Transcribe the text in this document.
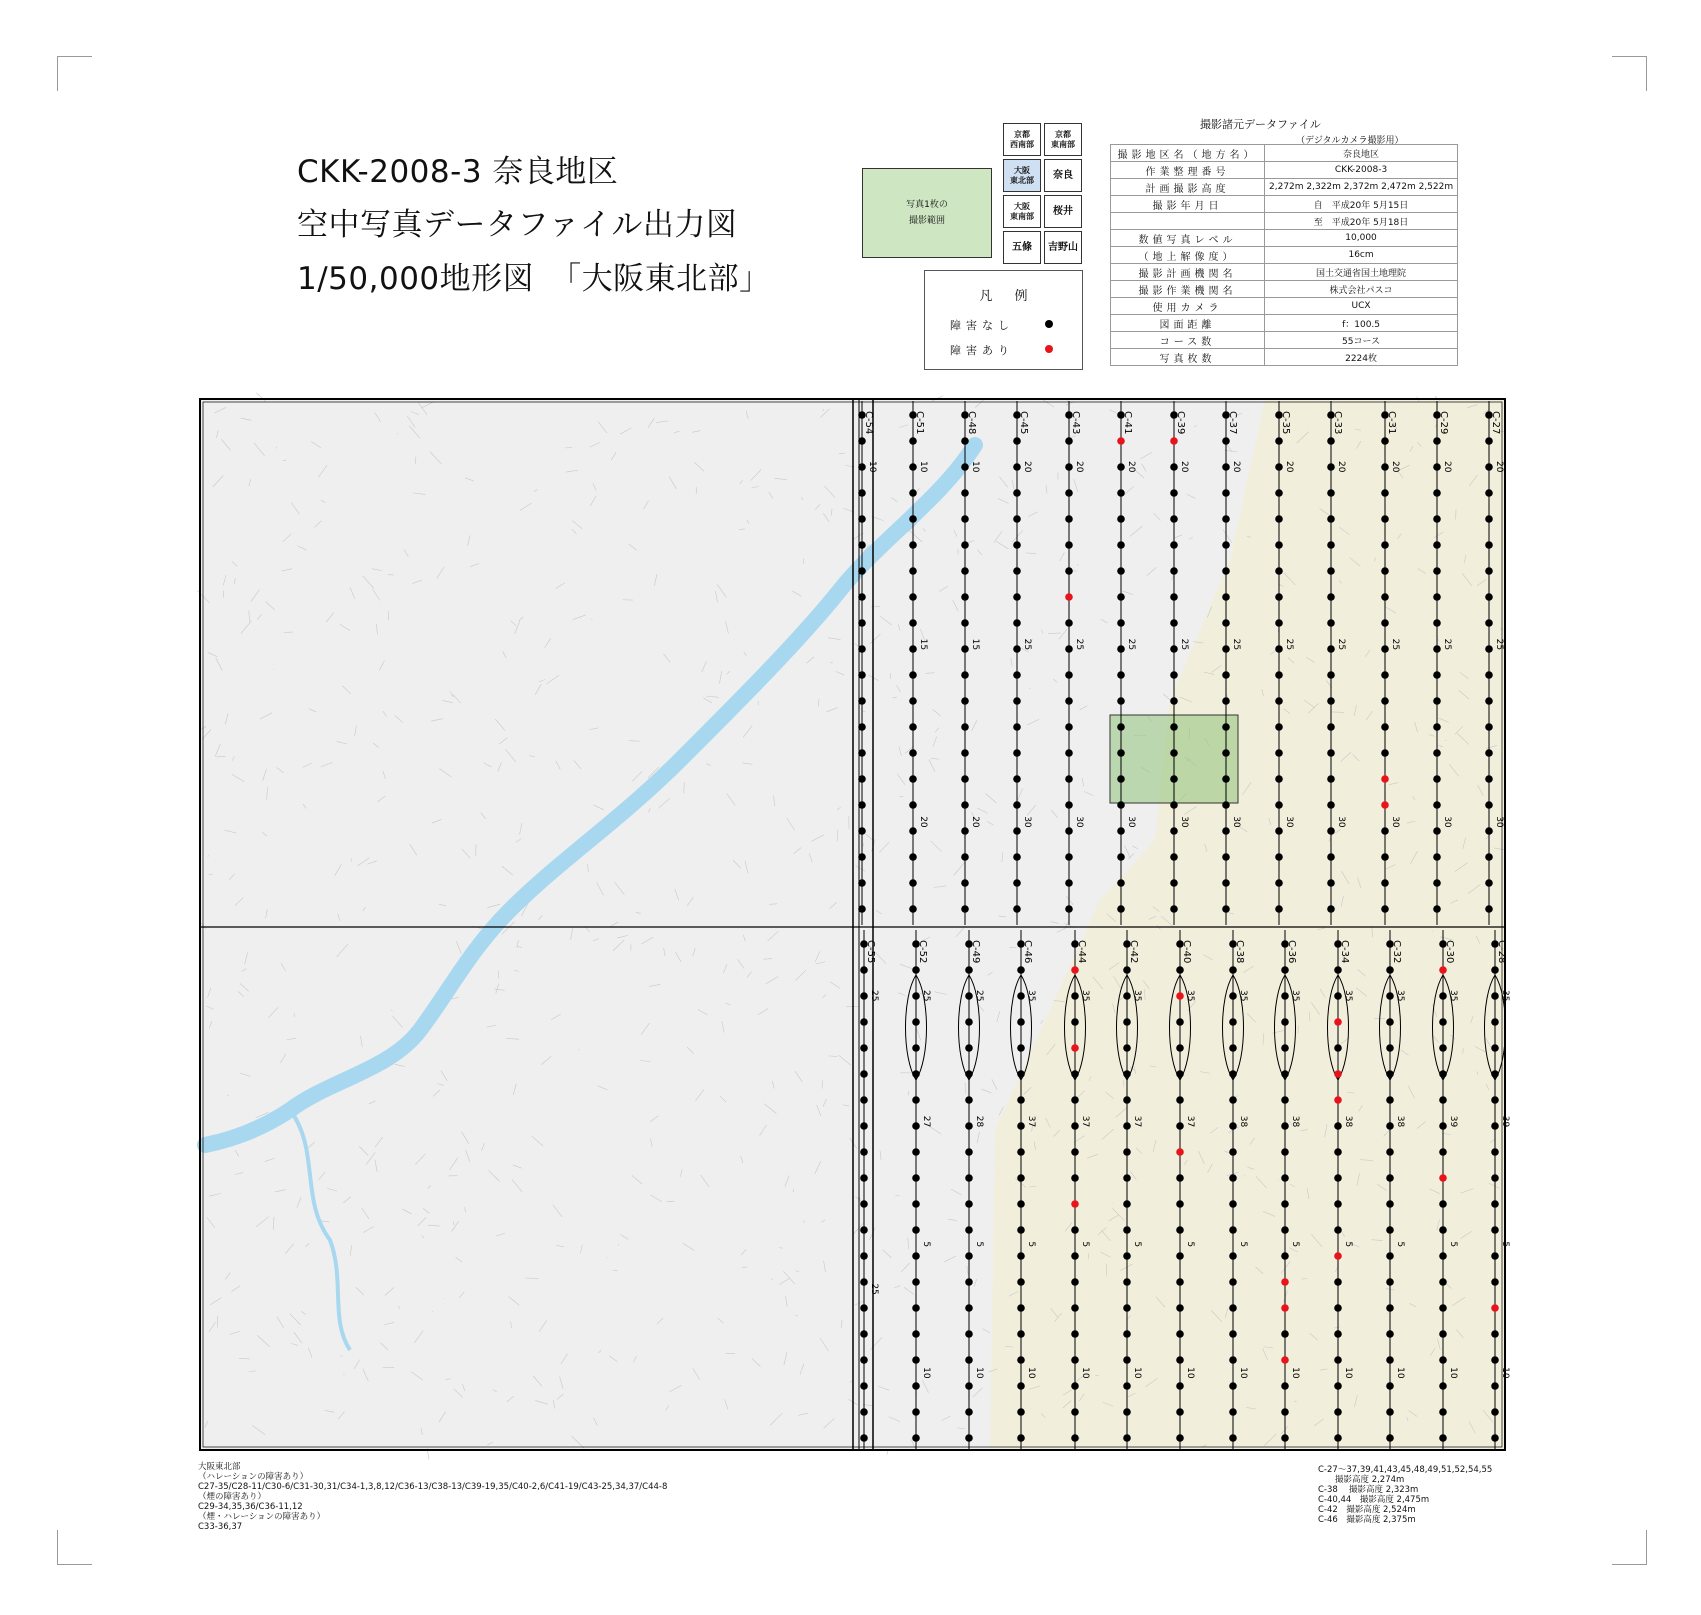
CKK-2008-3 奈良地区
空中写真データファイル出力図
1/50,000地形図　「大阪東北部」
写真1枚の
撮影範囲
京都
西南部
京都
東南部
大阪
東北部 奈良
大阪
東南部 桜井
五條 吉野山
凡例
障害なし
障害あり
撮影諸元データファイル
（デジタルカメラ撮影用）
撮影地区名（地方名）	奈良地区
作業整理番号	CKK-2008-3
計画撮影高度	2,272m 2,322m 2,372m 2,472m 2,522m
撮影年月日	自　平成20年 5月15日
	至　平成20年 5月18日
数値写真レベル	10,000
（地上解像度）	16cm
撮影計画機関名	国土交通省国土地理院
撮影作業機関名	株式会社パスコ
使用カメラ	UCX
図面距離	f：100.5
コース数	55コース
写真枚数	2224枚
C-54
10
C-51
10
15
20
C-48
10
15
20
C-45
20
25
30
C-43
20
25
30
C-41
20
25
30
C-39
20
25
30
C-37
20
25
30
C-35
20
25
30
C-33
20
25
30
C-31
20
25
30
C-29
20
25
30
C-27
20
25
30
C-55
25
25
C-52
25
27
5
10
C-49
25
28
5
10
C-46
35
37
5
10
C-44
35
37
5
10
C-42
35
37
5
10
C-40
35
37
5
10
C-38
35
38
5
10
C-36
35
38
5
10
C-34
35
38
5
10
C-32
35
38
5
10
C-30
35
39
5
10
C-28
35
39
5
10
大阪東北部
（ハレーションの障害あり）
C27-35/C28-11/C30-6/C31-30,31/C34-1,3,8,12/C36-13/C38-13/C39-19,35/C40-2,6/C41-19/C43-25,34,37/C44-8
（煙の障害あり）
C29-34,35,36/C36-11,12
（煙・ハレーションの障害あり）
C33-36,37
C-27～37,39,41,43,45,48,49,51,52,54,55
　　撮影高度 2,274m
C-38　 撮影高度 2,323m
C-40,44　撮影高度 2,475m
C-42　撮影高度 2,524m
C-46　撮影高度 2,375m
